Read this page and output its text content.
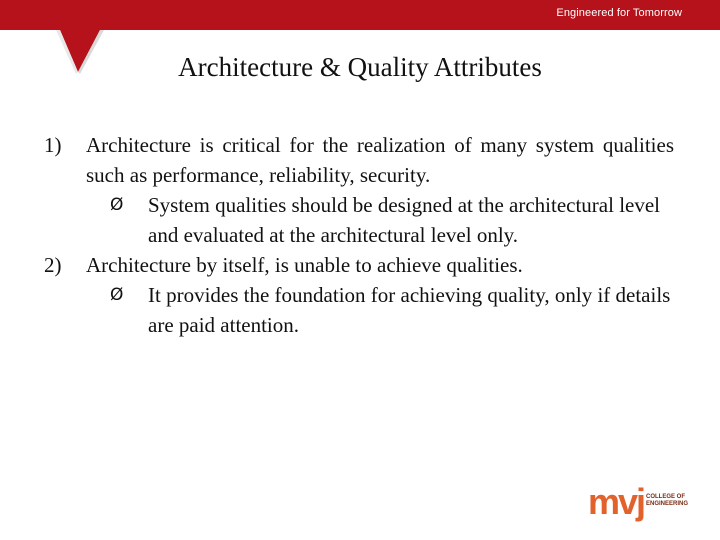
Engineered for Tomorrow
Architecture & Quality Attributes
1) Architecture is critical for the realization of many system qualities such as performance, reliability, security.
Ø System qualities should be designed at the architectural level and evaluated at the architectural level only.
2) Architecture by itself, is unable to achieve qualities.
Ø It provides the foundation for achieving quality, only if details are paid attention.
mvj COLLEGE OF
ENGINEERING
